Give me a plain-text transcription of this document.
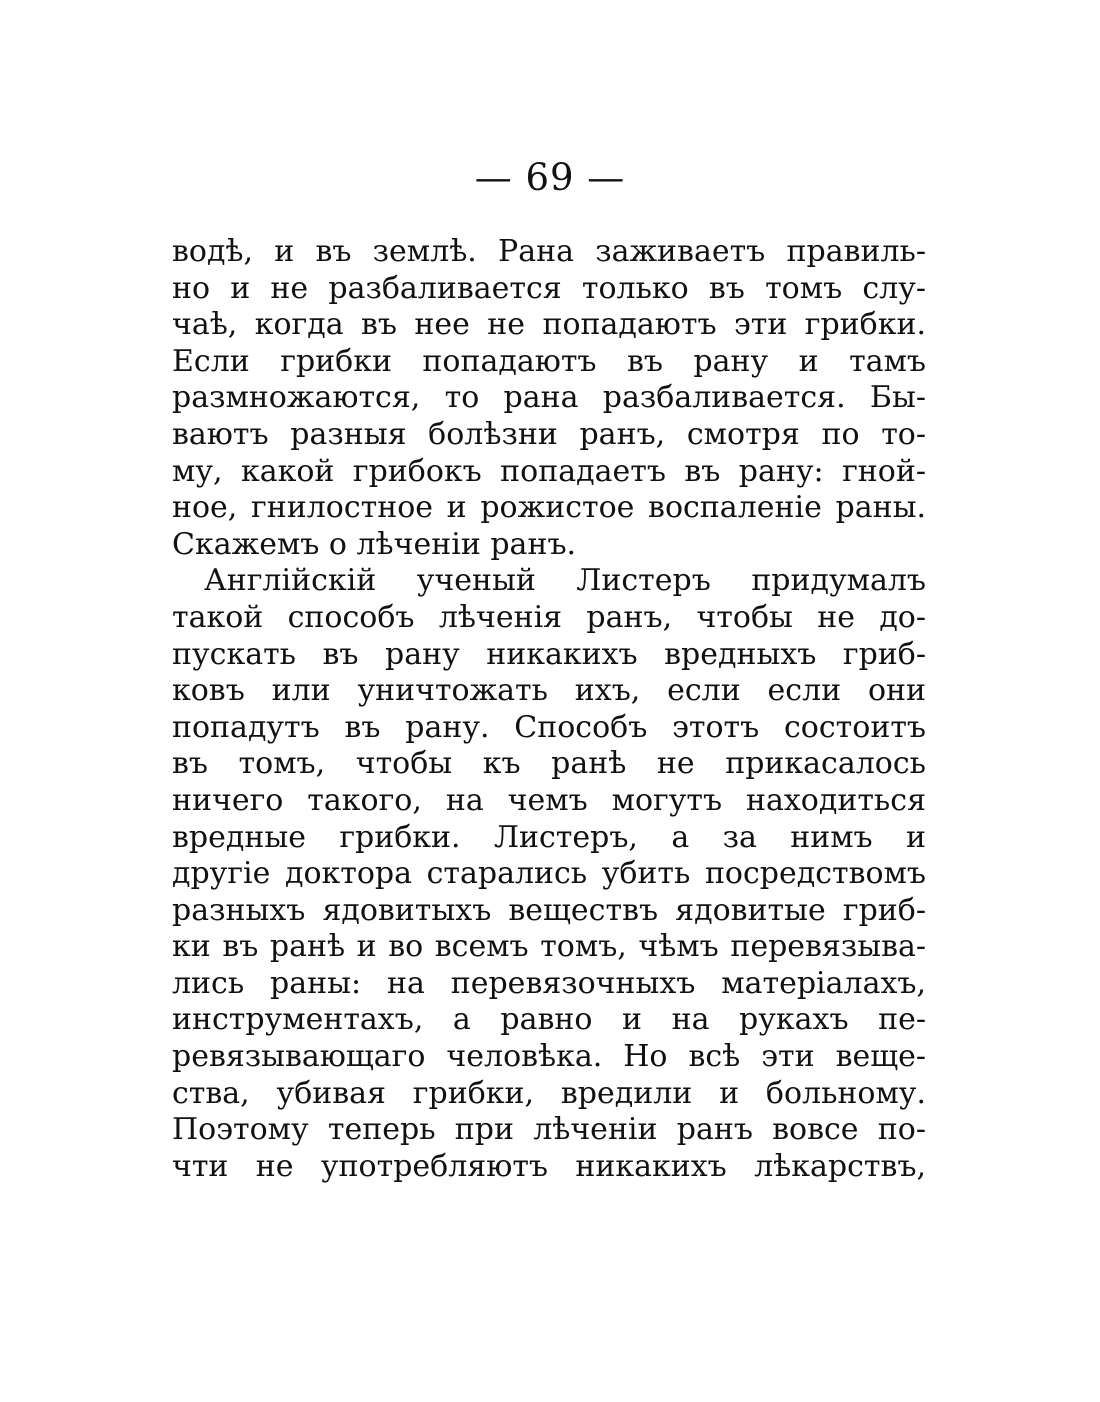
— 69 —
водѣ, и въ землѣ. Рана заживаетъ правиль-
но и не разбаливается только въ томъ слу-
чаѣ, когда въ нее не попадаютъ эти грибки.
Если грибки попадаютъ въ рану и тамъ
размножаются, то рана разбаливается. Бы-
ваютъ разныя болѣзни ранъ, смотря по то-
му, какой грибокъ попадаетъ въ рану: гной-
ное, гнилостное и рожистое воспаленіе раны.
Скажемъ о лѣченіи ранъ.
Англійскій ученый Листеръ придумалъ
такой способъ лѣченія ранъ, чтобы не до-
пускать въ рану никакихъ вредныхъ гриб-
ковъ или уничтожать ихъ, если если они
попадутъ въ рану. Способъ этотъ состоитъ
въ томъ, чтобы къ ранѣ не прикасалось
ничего такого, на чемъ могутъ находиться
вредные грибки. Листеръ, а за нимъ и
другіе доктора старались убить посредствомъ
разныхъ ядовитыхъ веществъ ядовитые гриб-
ки въ ранѣ и во всемъ томъ, чѣмъ перевязыва-
лись раны: на перевязочныхъ матеріалахъ,
инструментахъ, а равно и на рукахъ пе-
ревязывающаго человѣка. Но всѣ эти веще-
ства, убивая грибки, вредили и больному.
Поэтому теперь при лѣченіи ранъ вовсе по-
чти не употребляютъ никакихъ лѣкарствъ,
